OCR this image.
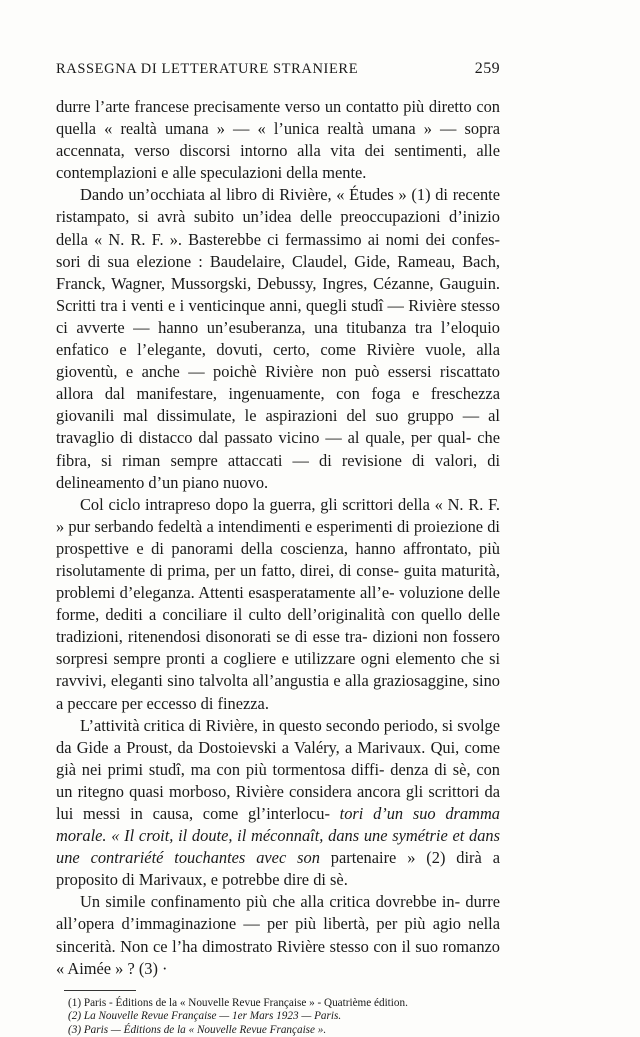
RASSEGNA DI LETTERATURE STRANIERE	259

durre l’arte francese precisamente verso un contatto più diretto con quella « realtà umana » — « l’unica realtà umana » — sopra accennata, verso discorsi intorno alla vita dei sentimenti, alle contemplazioni e alle speculazioni della mente.

Dando un’occhiata al libro di Rivière, « Études » (1) di recente ristampato, si avrà subito un’idea delle preoccupazioni d’inizio della « N. R. F. ». Basterebbe ci fermassimo ai nomi dei confes- sori di sua elezione : Baudelaire, Claudel, Gide, Rameau, Bach, Franck, Wagner, Mussorgski, Debussy, Ingres, Cézanne, Gauguin. Scritti tra i venti e i venticinque anni, quegli studî — Rivière stesso ci avverte — hanno un’esuberanza, una titubanza tra l’eloquio enfatico e l’elegante, dovuti, certo, come Rivière vuole, alla gioventù, e anche — poichè Rivière non può essersi riscattato allora dal manifestare, ingenuamente, con foga e freschezza giovanili mal dissimulate, le aspirazioni del suo gruppo — al travaglio di distacco dal passato vicino — al quale, per qual- che fibra, si riman sempre attaccati — di revisione di valori, di delineamento d’un piano nuovo.

Col ciclo intrapreso dopo la guerra, gli scrittori della « N. R. F. » pur serbando fedeltà a intendimenti e esperimenti di proiezione di prospettive e di panorami della coscienza, hanno affrontato, più risolutamente di prima, per un fatto, direi, di conse- guita maturità, problemi d’eleganza. Attenti esasperatamente all’e- voluzione delle forme, dediti a conciliare il culto dell’originalità con quello delle tradizioni, ritenendosi disonorati se di esse tra- dizioni non fossero sorpresi sempre pronti a cogliere e utilizzare ogni elemento che si ravvivi, eleganti sino talvolta all’angustia e alla graziosaggine, sino a peccare per eccesso di finezza.

L’attività critica di Rivière, in questo secondo periodo, si svolge da Gide a Proust, da Dostoievski a Valéry, a Marivaux. Qui, come già nei primi studî, ma con più tormentosa diffi- denza di sè, con un ritegno quasi morboso, Rivière considera ancora gli scrittori da lui messi in causa, come gl’interlocu- tori d’un suo dramma morale. « Il croit, il doute, il méconnaît, dans une symétrie et dans une contrariété touchantes avec son partenaire » (2) dirà a proposito di Marivaux, e potrebbe dire di sè.

Un simile confinamento più che alla critica dovrebbe in- durre all’opera d’immaginazione — per più libertà, per più agio nella sincerità. Non ce l’ha dimostrato Rivière stesso con il suo romanzo « Aimée » ? (3) ·

(1) Paris - Éditions de la « Nouvelle Revue Française » - Quatrième édition.
(2) La Nouvelle Revue Française — 1er Mars 1923 — Paris.
(3) Paris — Éditions de la « Nouvelle Revue Française ».
